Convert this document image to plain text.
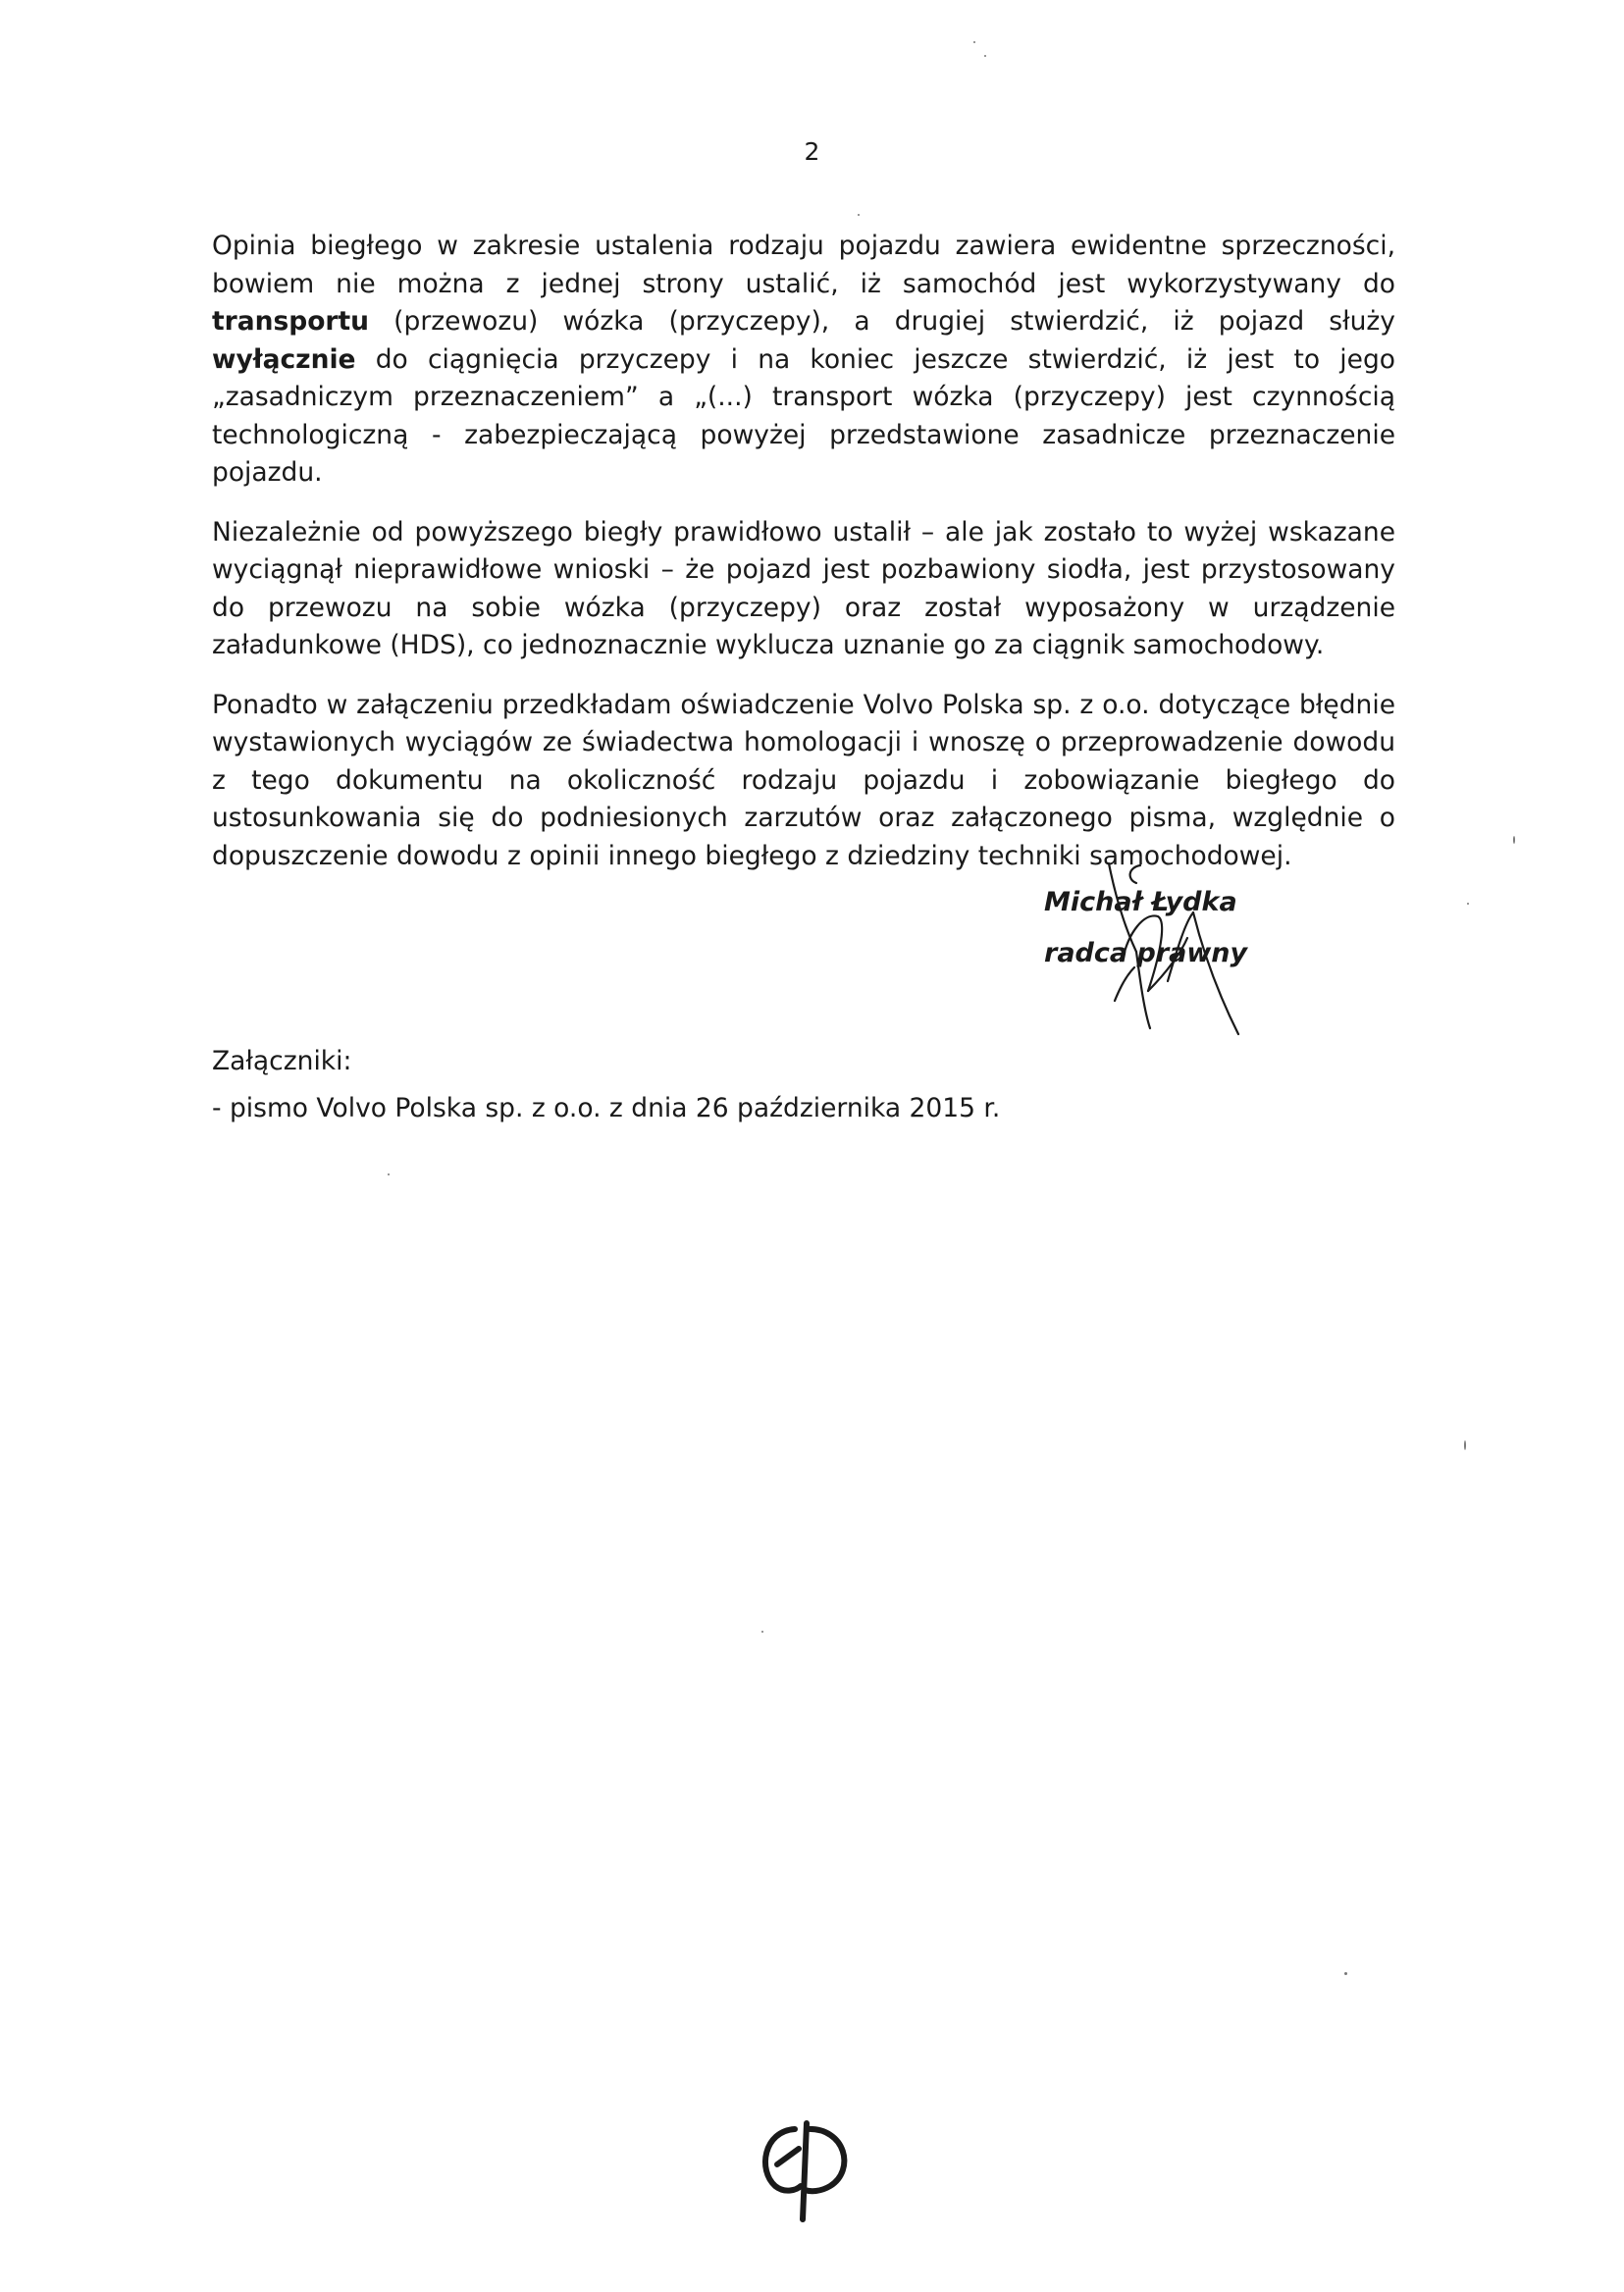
2

Opinia biegłego w zakresie ustalenia rodzaju pojazdu zawiera ewidentne sprzeczności, bowiem nie można z jednej strony ustalić, iż samochód jest wykorzystywany do transportu (przewozu) wózka (przyczepy), a drugiej stwierdzić, iż pojazd służy wyłącznie do ciągnięcia przyczepy i na koniec jeszcze stwierdzić, iż jest to jego „zasadniczym przeznaczeniem” a „(...) transport wózka (przyczepy) jest czynnością technologiczną - zabezpieczającą powyżej przedstawione zasadnicze przeznaczenie pojazdu.

Niezależnie od powyższego biegły prawidłowo ustalił – ale jak zostało to wyżej wskazane wyciągnął nieprawidłowe wnioski – że pojazd jest pozbawiony siodła, jest przystosowany do przewozu na sobie wózka (przyczepy) oraz został wyposażony w urządzenie załadunkowe (HDS), co jednoznacznie wyklucza uznanie go za ciągnik samochodowy.

Ponadto w załączeniu przedkładam oświadczenie Volvo Polska sp. z o.o. dotyczące błędnie wystawionych wyciągów ze świadectwa homologacji i wnoszę o przeprowadzenie dowodu z tego dokumentu na okoliczność rodzaju pojazdu i zobowiązanie biegłego do ustosunkowania się do podniesionych zarzutów oraz załączonego pisma, względnie o dopuszczenie dowodu z opinii innego biegłego z dziedziny techniki samochodowej.

Michał Łydka
radca prawny
Załączniki:
- pismo Volvo Polska sp. z o.o. z dnia 26 października 2015 r.
